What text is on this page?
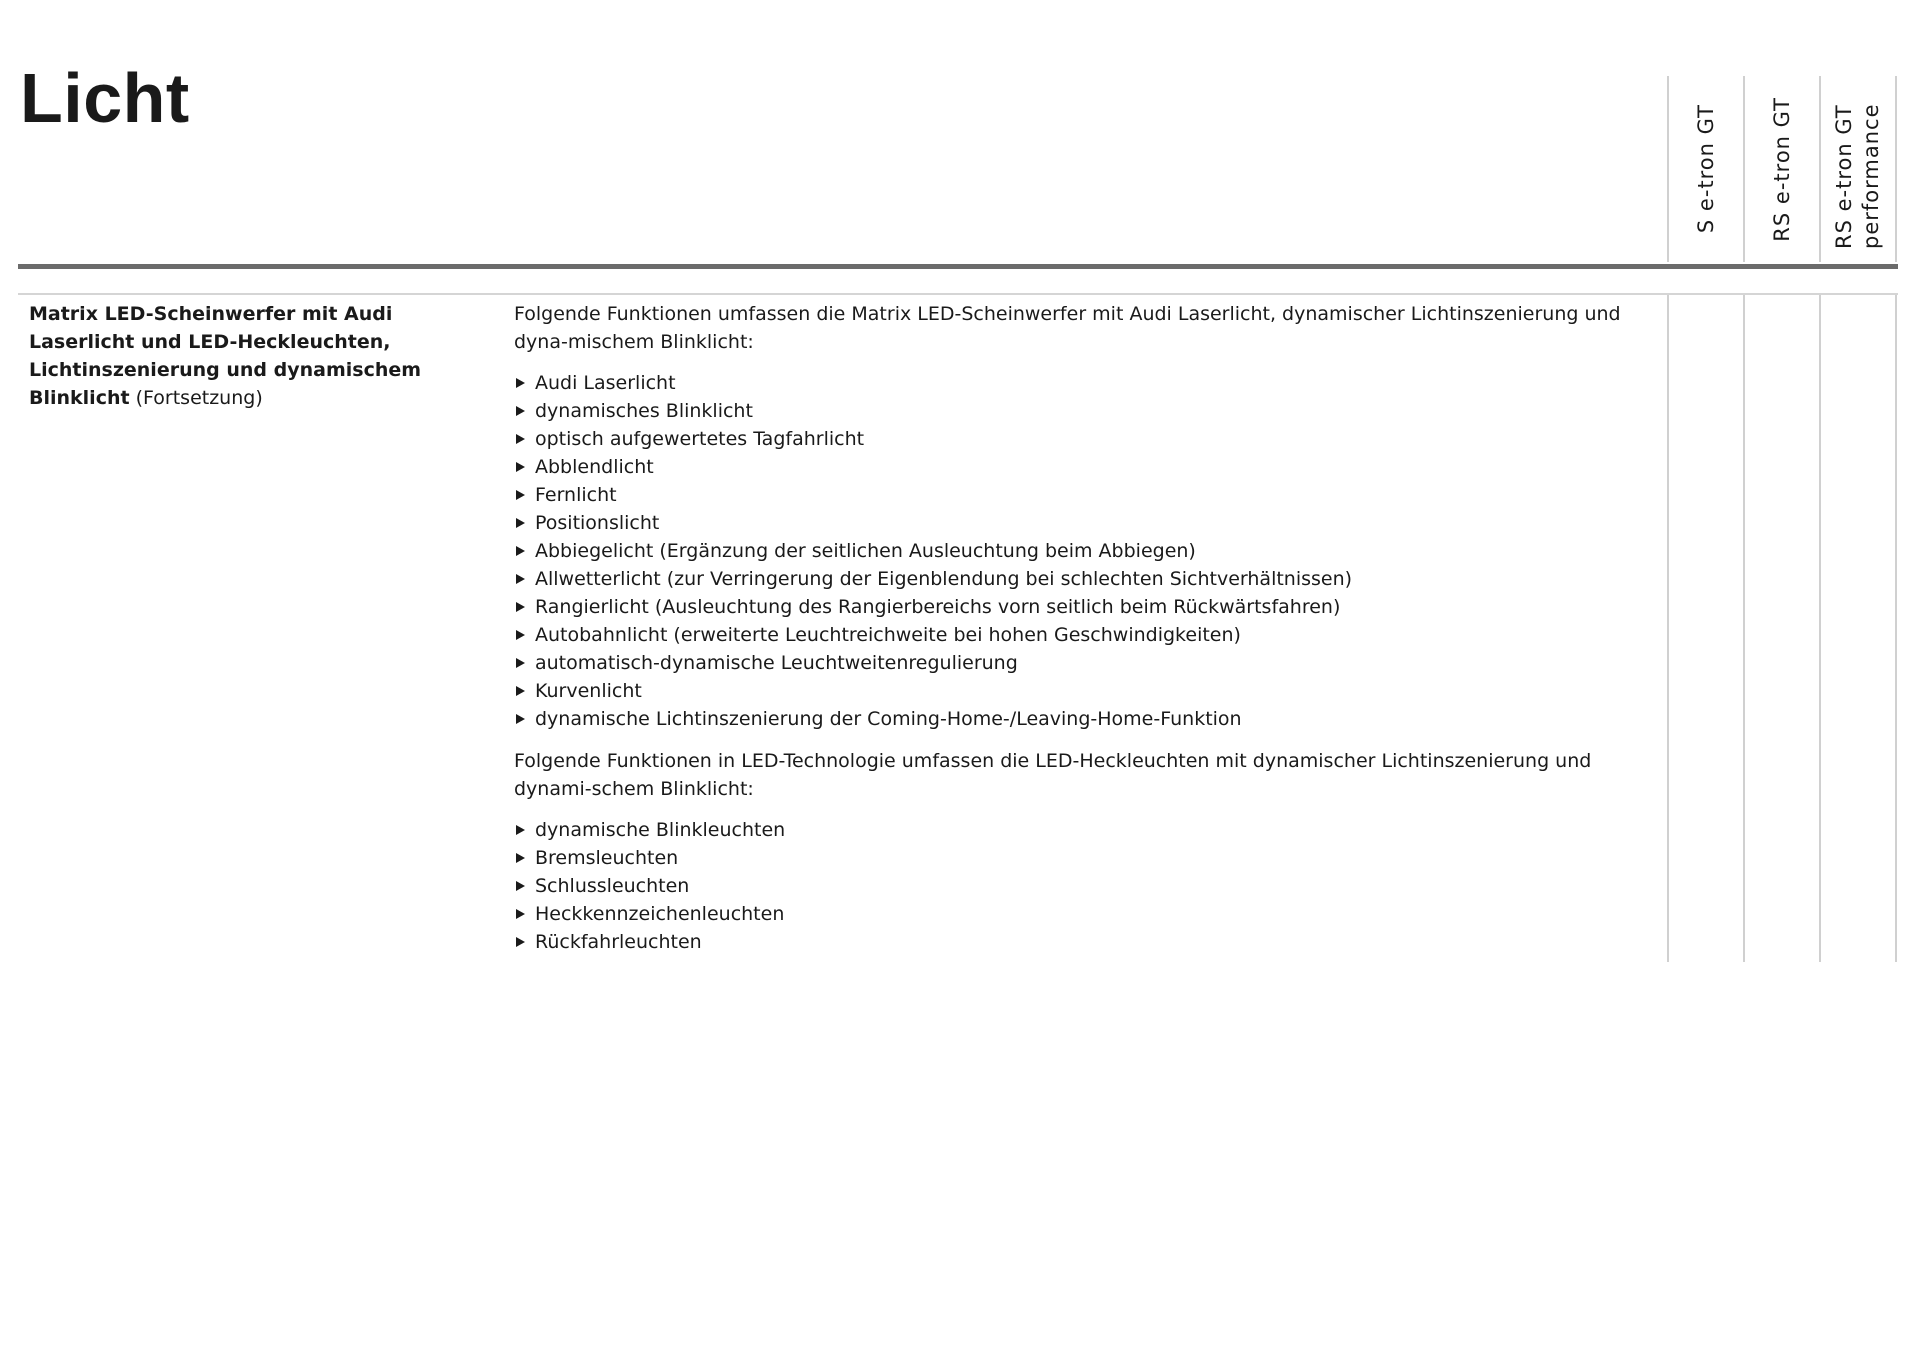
Licht
S e-tron GT RS e-tron GT RS e-tron GT performance
Matrix LED-Scheinwerfer mit Audi Laserlicht und LED-Heckleuchten, Lichtinszenierung und dynamischem Blinklicht (Fortsetzung)

Folgende Funktionen umfassen die Matrix LED-Scheinwerfer mit Audi Laserlicht, dynamischer Lichtinszenierung und dyna-mischem Blinklicht:

Audi Laserlicht
dynamisches Blinklicht
optisch aufgewertetes Tagfahrlicht
Abblendlicht
Fernlicht
Positionslicht
Abbiegelicht (Ergänzung der seitlichen Ausleuchtung beim Abbiegen)
Allwetterlicht (zur Verringerung der Eigenblendung bei schlechten Sichtverhältnissen)
Rangierlicht (Ausleuchtung des Rangierbereichs vorn seitlich beim Rückwärtsfahren)
Autobahnlicht (erweiterte Leuchtreichweite bei hohen Geschwindigkeiten)
automatisch-dynamische Leuchtweitenregulierung
Kurvenlicht
dynamische Lichtinszenierung der Coming-Home-/Leaving-Home-Funktion

Folgende Funktionen in LED-Technologie umfassen die LED-Heckleuchten mit dynamischer Lichtinszenierung und dynami-schem Blinklicht:

dynamische Blinkleuchten
Bremsleuchten
Schlussleuchten
Heckkennzeichenleuchten
Rückfahrleuchten
